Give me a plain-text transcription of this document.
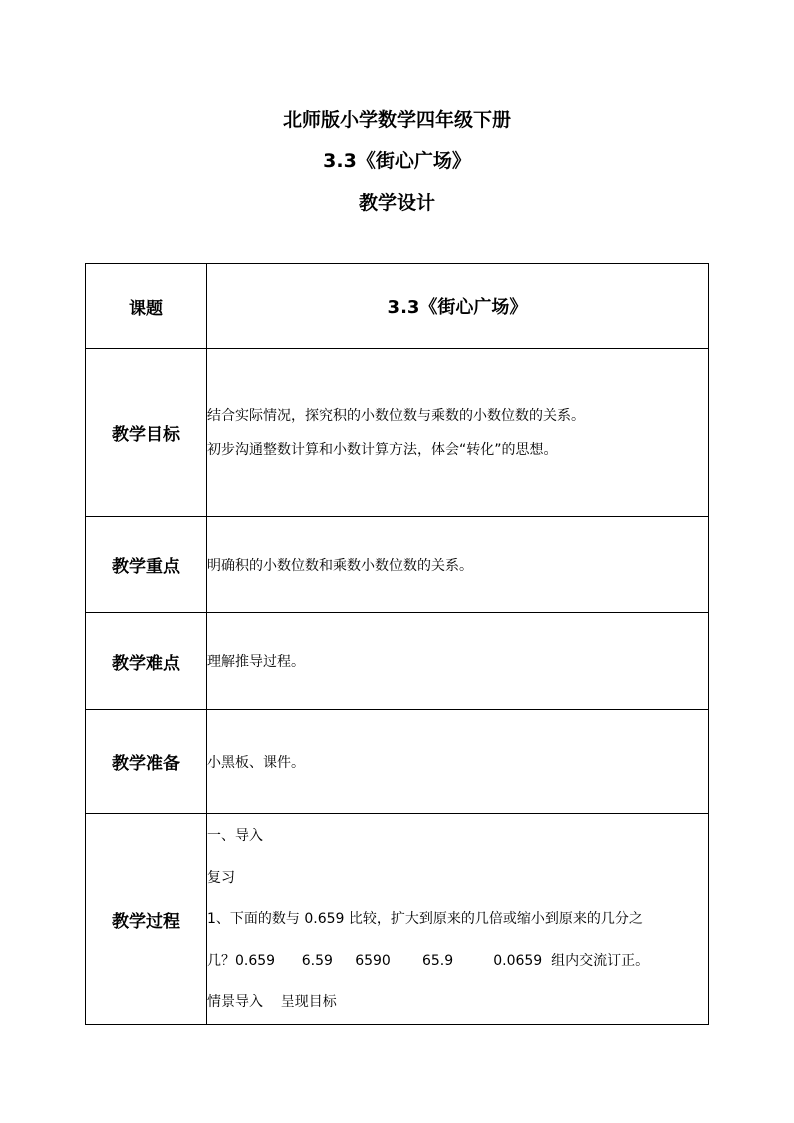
北师版小学数学四年级下册
3.3《街心广场》
教学设计
课题	3.3《街心广场》
教学目标	结合实际情况，探究积的小数位数与乘数的小数位数的关系。
初步沟通整数计算和小数计算方法，体会“转化”的思想。

教学重点	明确积的小数位数和乘数小数位数的关系。
教学难点	理解推导过程。
教学准备	小黑板、课件。
教学过程	一、导入
复习
1、下面的数与 0.659 比较，扩大到原来的几倍或缩小到原来的几分之
几？0.659      6.59     6590       65.9         0.0659  组内交流订正。
情景导入    呈现目标
